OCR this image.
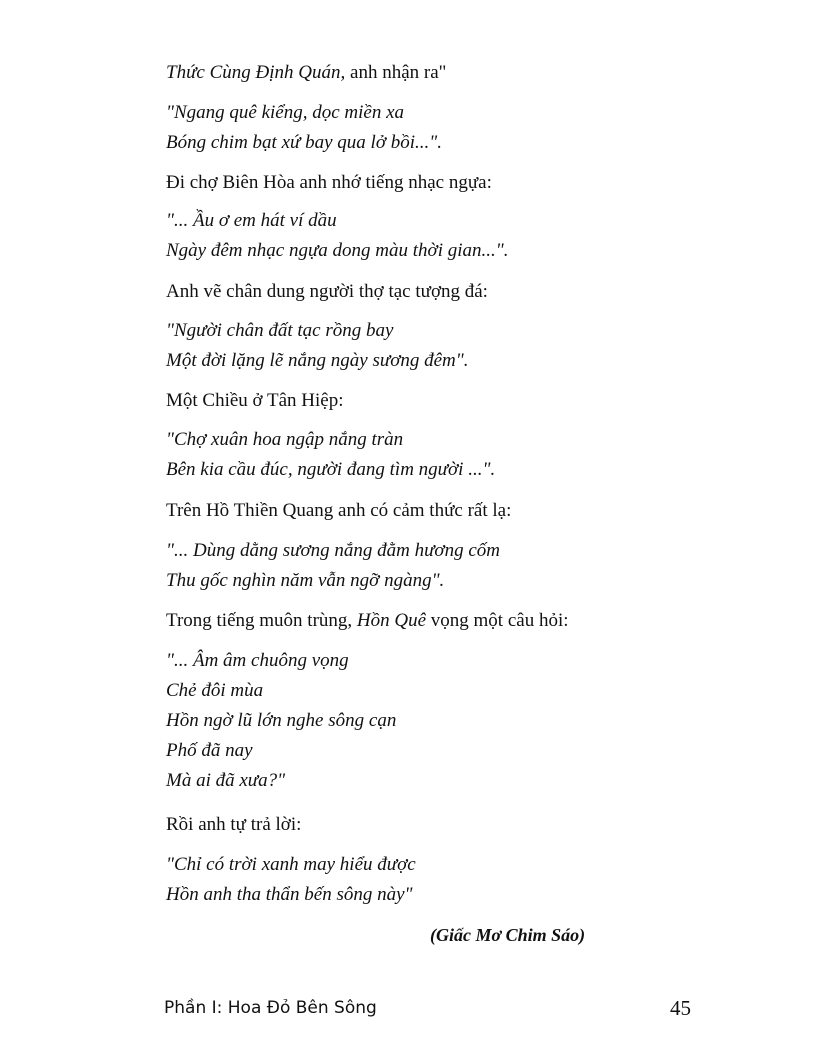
Thức Cùng Định Quán, anh nhận ra"
"Ngang quê kiểng, dọc miền xa
Bóng chim bạt xứ bay qua lở bồi...".
Đi chợ Biên Hòa anh nhớ tiếng nhạc ngựa:
"... Ầu ơ em hát ví dầu
Ngày đêm nhạc ngựa dong màu thời gian...".
Anh vẽ chân dung người thợ tạc tượng đá:
"Người chân đất tạc rồng bay
Một đời lặng lẽ nắng ngày sương đêm".
Một Chiều ở Tân Hiệp:
"Chợ xuân hoa ngập nắng tràn
Bên kia cầu đúc, người đang tìm người ...".
Trên Hồ Thiền Quang anh có cảm thức rất lạ:
"... Dùng dằng sương nắng đằm hương cốm
Thu gốc nghìn năm vẫn ngỡ ngàng".
Trong tiếng muôn trùng, Hồn Quê vọng một câu hỏi:
"... Âm âm chuông vọng
Chẻ đôi mùa
Hồn ngờ lũ lớn nghe sông cạn
Phố đã nay
Mà ai đã xưa?"
Rồi anh tự trả lời:
"Chỉ có trời xanh may hiểu được
Hồn anh tha thẩn bến sông này"
(Giấc Mơ Chim Sáo)
Phần I: Hoa Đỏ Bên Sông	45
